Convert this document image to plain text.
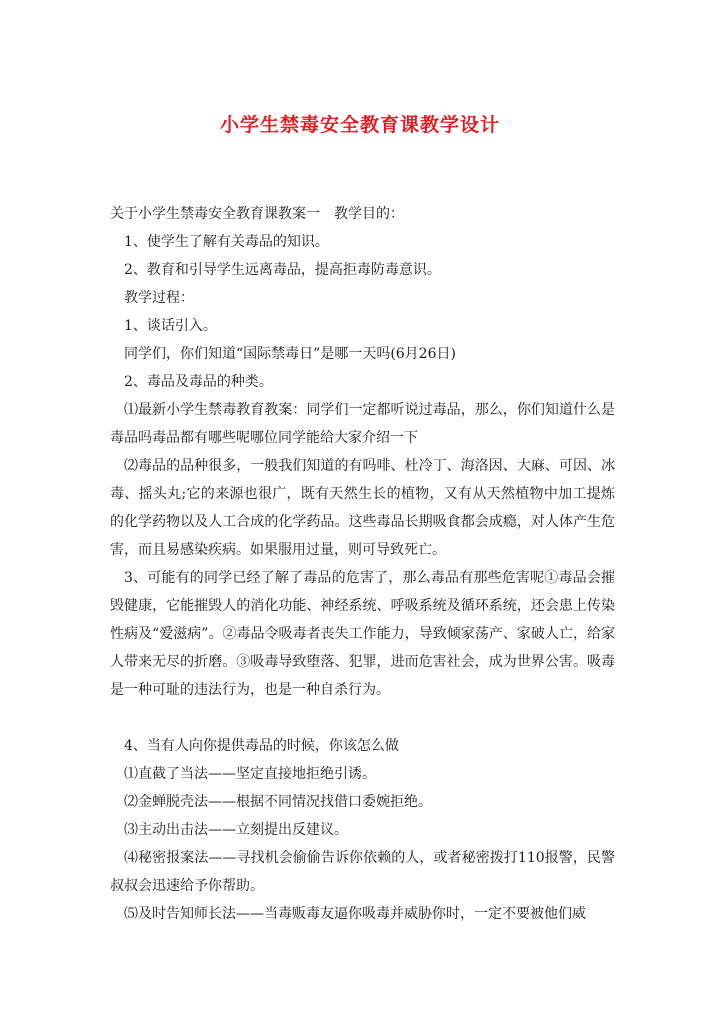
小学生禁毒安全教育课教学设计

关于小学生禁毒安全教育课教案一　教学目的：

1、使学生了解有关毒品的知识。

2、教育和引导学生远离毒品，提高拒毒防毒意识。

教学过程：

1、谈话引入。

同学们，你们知道“国际禁毒日”是哪一天吗(6月26日)

2、毒品及毒品的种类。

⑴最新小学生禁毒教育教案：同学们一定都听说过毒品，那么，你们知道什么是毒品吗毒品都有哪些呢哪位同学能给大家介绍一下

⑵毒品的品种很多，一般我们知道的有吗啡、杜冷丁、海洛因、大麻、可因、冰毒、摇头丸;它的来源也很广，既有天然生长的植物，又有从天然植物中加工提炼的化学药物以及人工合成的化学药品。这些毒品长期吸食都会成瘾，对人体产生危害，而且易感染疾病。如果服用过量，则可导致死亡。

3、可能有的同学已经了解了毒品的危害了，那么毒品有那些危害呢①毒品会摧毁健康，它能摧毁人的消化功能、神经系统、呼吸系统及循环系统，还会患上传染性病及“爱滋病”。②毒品令吸毒者丧失工作能力，导致倾家荡产、家破人亡，给家人带来无尽的折磨。③吸毒导致堕落、犯罪，进而危害社会，成为世界公害。吸毒是一种可耻的违法行为，也是一种自杀行为。

4、当有人向你提供毒品的时候，你该怎么做

⑴直截了当法——坚定直接地拒绝引诱。

⑵金蝉脱壳法——根据不同情况找借口委婉拒绝。

⑶主动出击法——立刻提出反建议。

⑷秘密报案法——寻找机会偷偷告诉你依赖的人，或者秘密拨打110报警，民警叔叔会迅速给予你帮助。

⑸及时告知师长法——当毒贩毒友逼你吸毒并威胁你时，一定不要被他们威
